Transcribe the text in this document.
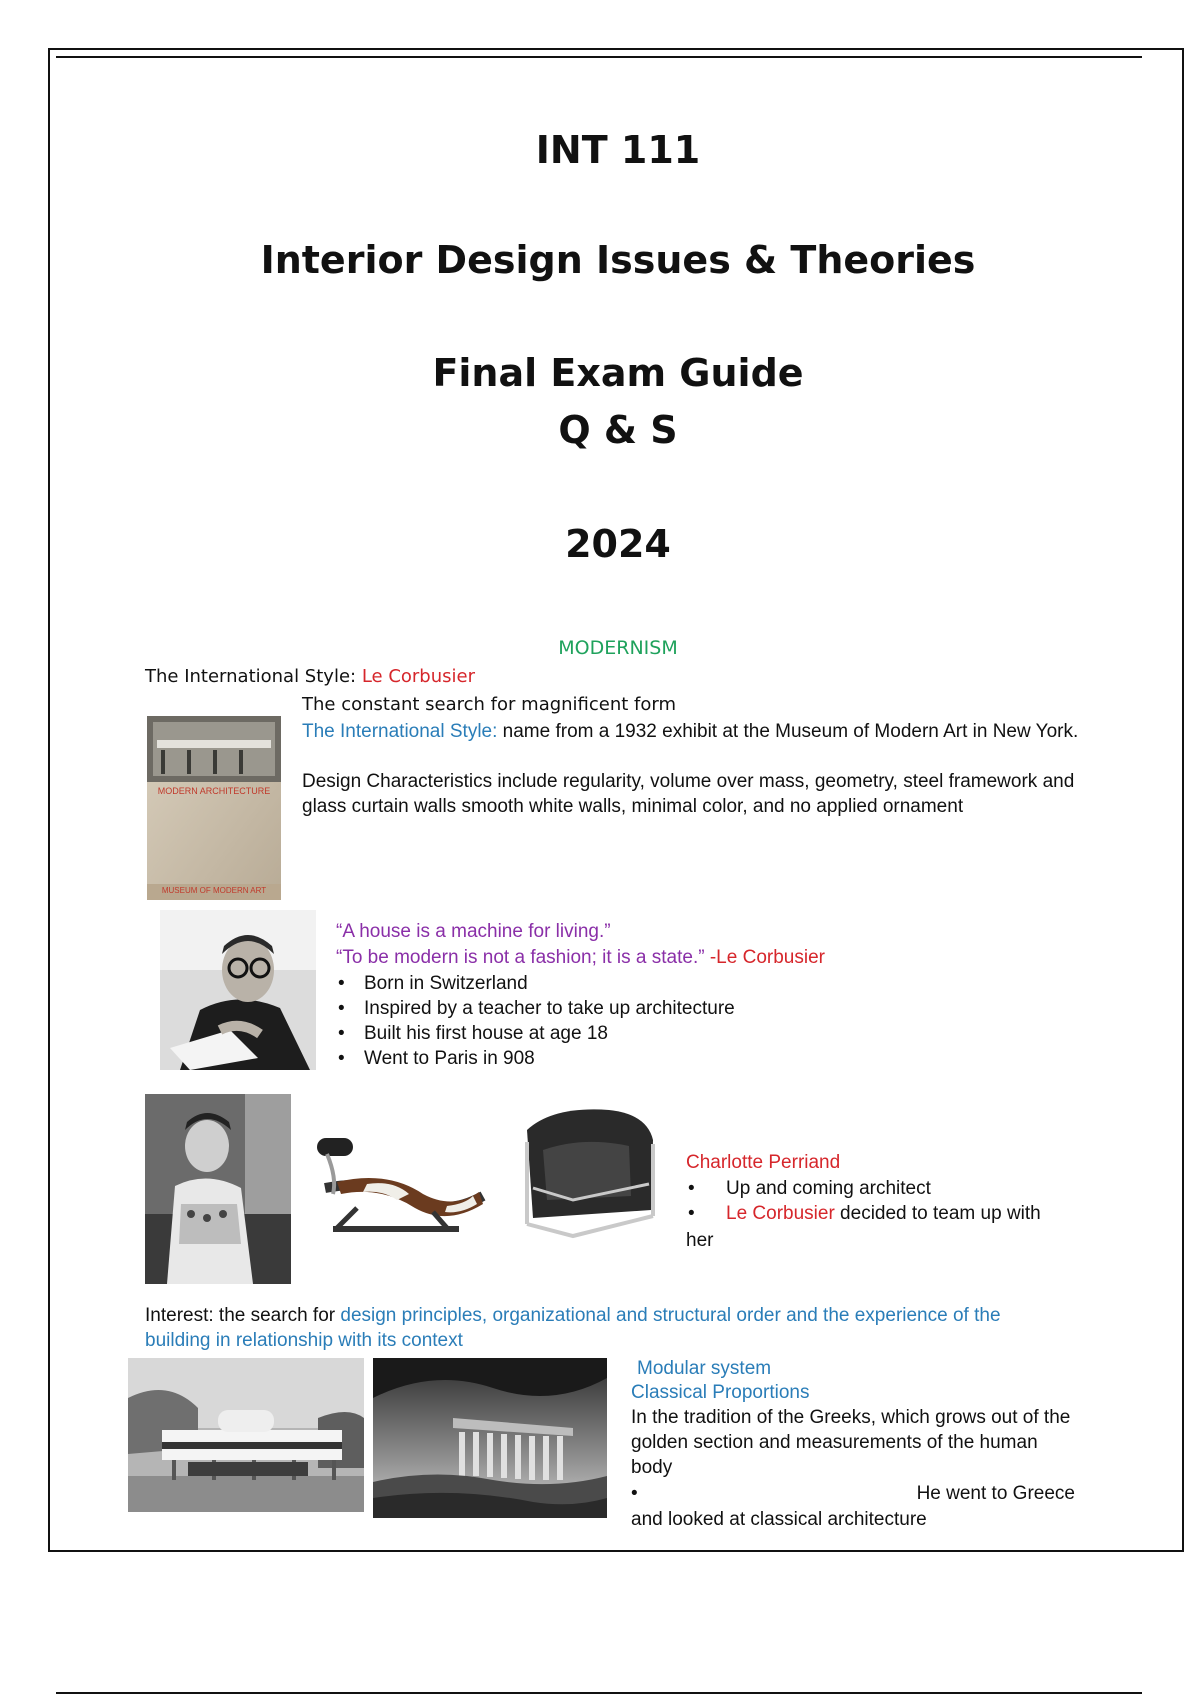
INT 111
Interior Design Issues & Theories
Final Exam Guide
Q & S
2024
MODERNISM
The International Style: Le Corbusier
MODERN ARCHITECTURE
MUSEUM OF MODERN ART
The constant search for magnificent form
The International Style: name from a 1932 exhibit at the Museum of Modern Art in New York.
Design Characteristics include regularity, volume over mass, geometry, steel framework and glass curtain walls smooth white walls, minimal color, and no applied ornament
“A house is a machine for living.”
“To be modern is not a fashion; it is a state.” -Le Corbusier
• Born in Switzerland
• Inspired by a teacher to take up architecture
• Built his first house at age 18
• Went to Paris in 908
Charlotte Perriand
• Up and coming architect
• Le Corbusier decided to team up with
her
Interest: the search for design principles, organizational and structural order and the experience of the building in relationship with its context
Modular system
Classical Proportions
In the tradition of the Greeks, which grows out of the golden section and measurements of the human body
•	He went to Greece
and looked at classical architecture
